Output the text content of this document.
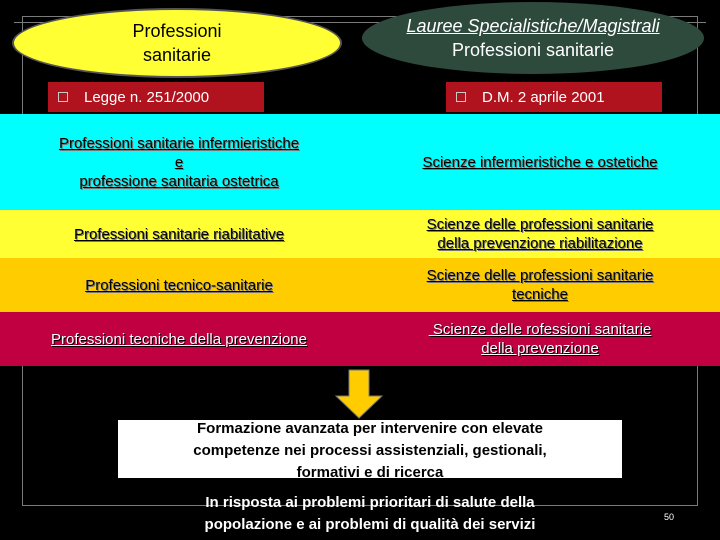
Professioni
sanitarie
Lauree Specialistiche/Magistrali
Professioni sanitarie
Legge n. 251/2000	D.M. 2 aprile 2001
Professioni sanitarie infermieristiche
e
professione sanitaria ostetrica
Scienze infermieristiche e ostetiche
Professioni sanitarie riabilitative
Scienze delle professioni sanitarie
della prevenzione riabilitazione
Professioni tecnico-sanitarie
Scienze delle professioni sanitarie
tecniche
Professioni tecniche della prevenzione
Scienze delle rofessioni sanitarie
della prevenzione
Formazione avanzata per intervenire con elevate
competenze nei processi assistenziali, gestionali,
formativi e di ricerca
In risposta ai problemi prioritari di salute della
popolazione e ai problemi di qualità dei servizi	50
